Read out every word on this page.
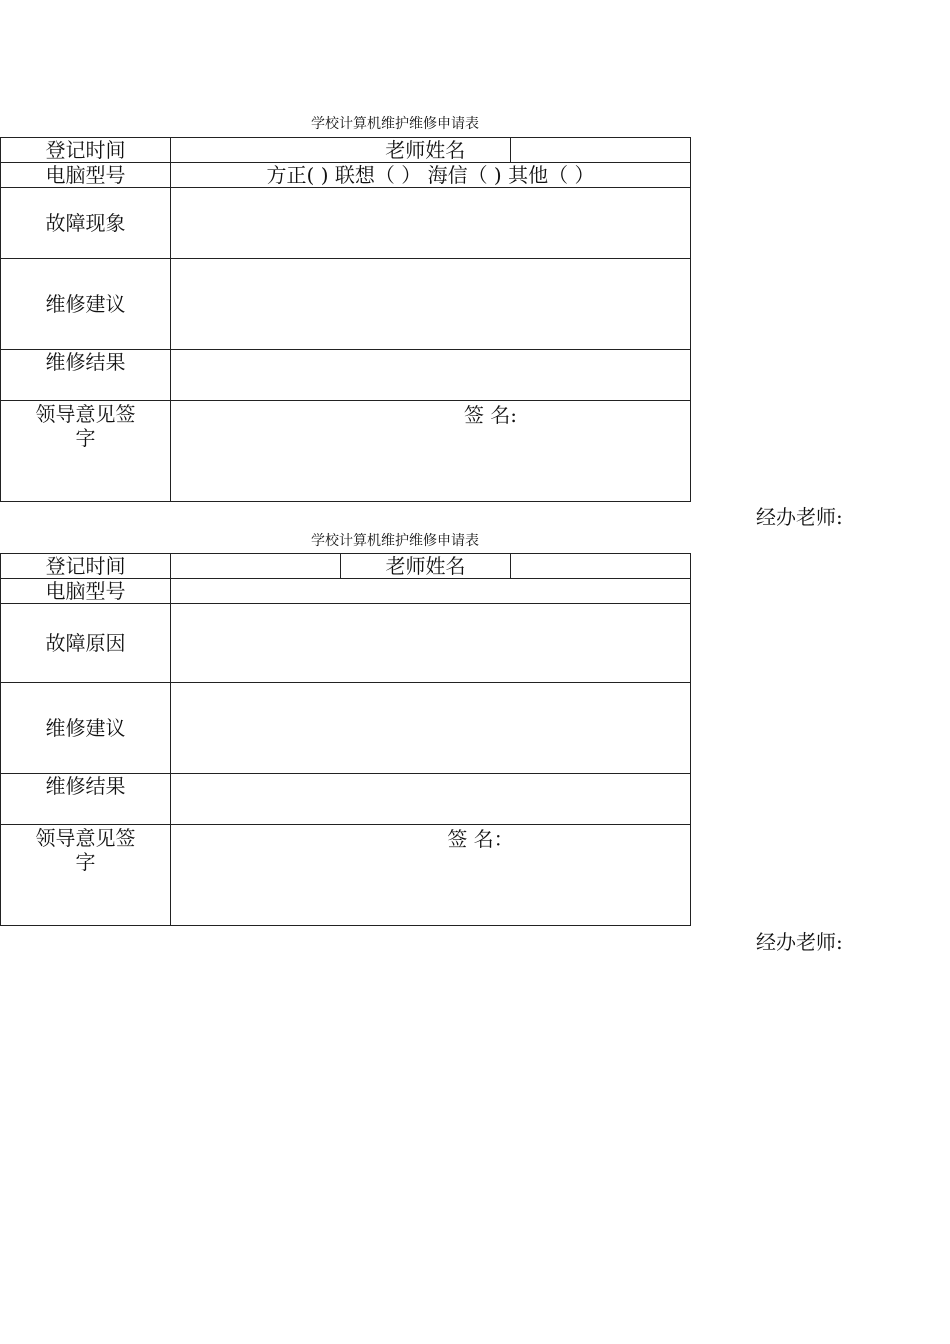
学校计算机维护维修申请表
登记时间		老师姓名	
电脑型号	方正( ) 联想（ ） 海信（ ) 其他（ ）		
故障现象			
维修建议			
维修结果			

领导意见签字	签 名:		
经办老师:
学校计算机维护维修申请表
登记时间		老师姓名	
电脑型号			
故障原因			
维修建议			
维修结果			

领导意见签字	签 名：		
经办老师:
